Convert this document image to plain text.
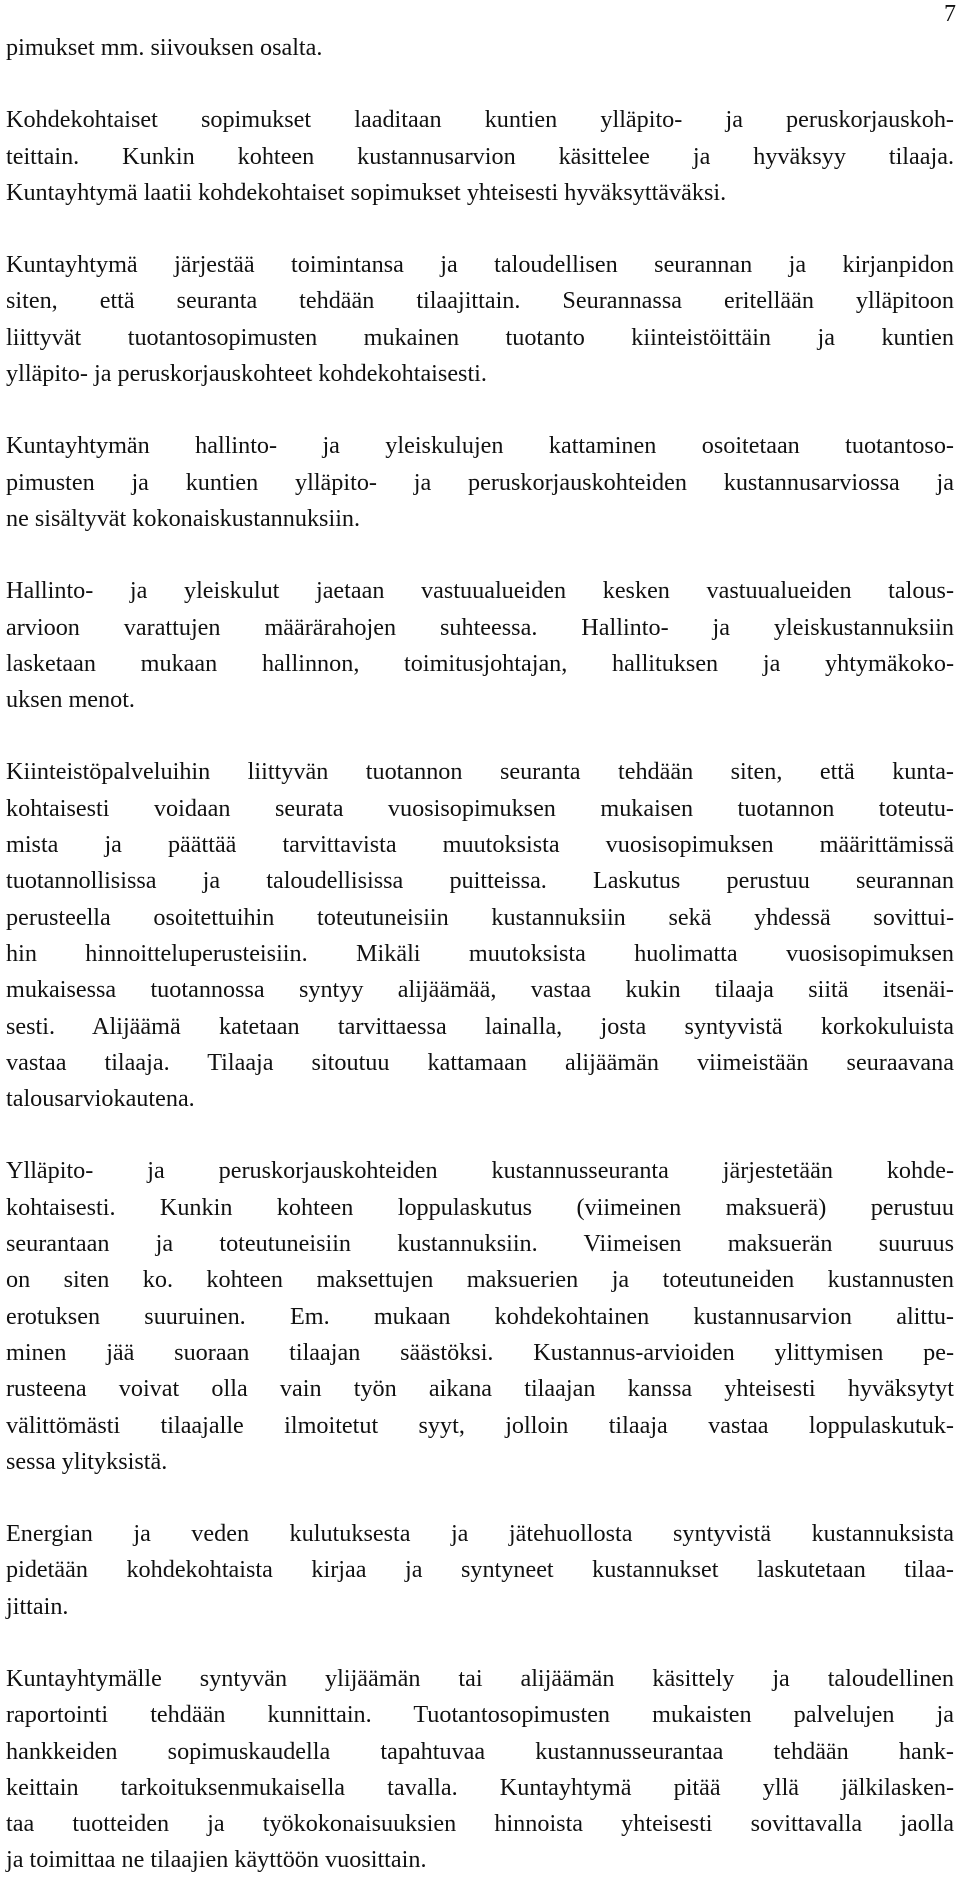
7
pimukset mm. siivouksen osalta.
Kohdekohtaiset sopimukset laaditaan kuntien ylläpito- ja peruskorjauskoh-
teittain. Kunkin kohteen kustannusarvion käsittelee ja hyväksyy tilaaja.
Kuntayhtymä laatii kohdekohtaiset sopimukset yhteisesti hyväksyttäväksi.
Kuntayhtymä järjestää toimintansa ja taloudellisen seurannan ja kirjanpidon
siten, että seuranta tehdään tilaajittain. Seurannassa eritellään ylläpitoon
liittyvät tuotantosopimusten mukainen tuotanto kiinteistöittäin ja kuntien
ylläpito- ja peruskorjauskohteet kohdekohtaisesti.
Kuntayhtymän hallinto- ja yleiskulujen kattaminen osoitetaan tuotantoso-
pimusten ja kuntien ylläpito- ja peruskorjauskohteiden kustannusarviossa ja
ne sisältyvät kokonaiskustannuksiin.
Hallinto- ja yleiskulut jaetaan vastuualueiden kesken vastuualueiden talous-
arvioon varattujen määrärahojen suhteessa. Hallinto- ja yleiskustannuksiin
lasketaan mukaan hallinnon, toimitusjohtajan, hallituksen ja yhtymäkoko-
uksen menot.
Kiinteistöpalveluihin liittyvän tuotannon seuranta tehdään siten, että kunta-
kohtaisesti voidaan seurata vuosisopimuksen mukaisen tuotannon toteutu-
mista ja päättää tarvittavista muutoksista vuosisopimuksen määrittämissä
tuotannollisissa ja taloudellisissa puitteissa. Laskutus perustuu seurannan
perusteella osoitettuihin toteutuneisiin kustannuksiin sekä yhdessä sovittui-
hin hinnoitteluperusteisiin. Mikäli muutoksista huolimatta vuosisopimuksen
mukaisessa tuotannossa syntyy alijäämää, vastaa kukin tilaaja siitä itsenäi-
sesti. Alijäämä katetaan tarvittaessa lainalla, josta syntyvistä korkokuluista
vastaa tilaaja. Tilaaja sitoutuu kattamaan alijäämän viimeistään seuraavana
talousarviokautena.
Ylläpito- ja peruskorjauskohteiden kustannusseuranta järjestetään kohde-
kohtaisesti. Kunkin kohteen loppulaskutus (viimeinen maksuerä) perustuu
seurantaan ja toteutuneisiin kustannuksiin. Viimeisen maksuerän suuruus
on siten ko. kohteen maksettujen maksuerien ja toteutuneiden kustannusten
erotuksen suuruinen. Em. mukaan kohdekohtainen kustannusarvion alittu-
minen jää suoraan tilaajan säästöksi. Kustannus-arvioiden ylittymisen pe-
rusteena voivat olla vain työn aikana tilaajan kanssa yhteisesti hyväksytyt
välittömästi tilaajalle ilmoitetut syyt, jolloin tilaaja vastaa loppulaskutuk-
sessa ylityksistä.
Energian ja veden kulutuksesta ja jätehuollosta syntyvistä kustannuksista
pidetään kohdekohtaista kirjaa ja syntyneet kustannukset laskutetaan tilaa-
jittain.
Kuntayhtymälle syntyvän ylijäämän tai alijäämän käsittely ja taloudellinen
raportointi tehdään kunnittain. Tuotantosopimusten mukaisten palvelujen ja
hankkeiden sopimuskaudella tapahtuvaa kustannusseurantaa tehdään hank-
keittain tarkoituksenmukaisella tavalla. Kuntayhtymä pitää yllä jälkilasken-
taa tuotteiden ja työkokonaisuuksien hinnoista yhteisesti sovittavalla jaolla
ja toimittaa ne tilaajien käyttöön vuosittain.
